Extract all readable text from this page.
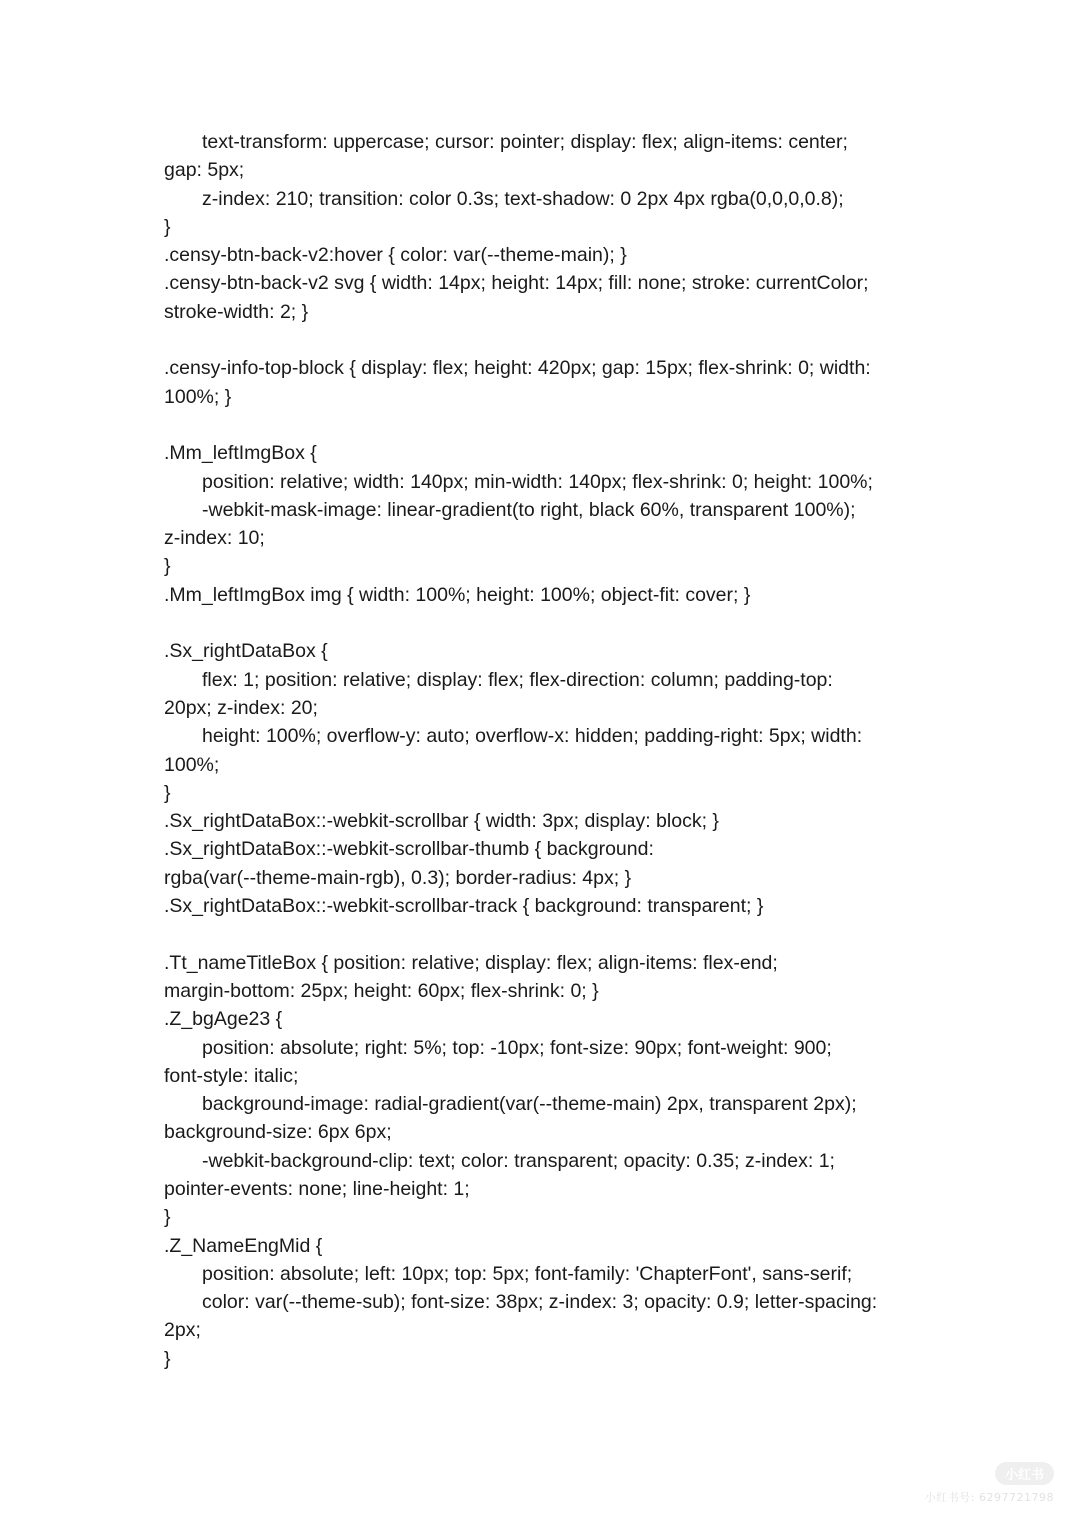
text-transform: uppercase; cursor: pointer; display: flex; align-items: center;
gap: 5px;
z-index: 210; transition: color 0.3s; text-shadow: 0 2px 4px rgba(0,0,0,0.8);
}
.censy-btn-back-v2:hover { color: var(--theme-main); }
.censy-btn-back-v2 svg { width: 14px; height: 14px; fill: none; stroke: currentColor;
stroke-width: 2; }
.censy-info-top-block { display: flex; height: 420px; gap: 15px; flex-shrink: 0; width:
100%; }
.Mm_leftImgBox {
position: relative; width: 140px; min-width: 140px; flex-shrink: 0; height: 100%;
-webkit-mask-image: linear-gradient(to right, black 60%, transparent 100%);
z-index: 10;
}
.Mm_leftImgBox img { width: 100%; height: 100%; object-fit: cover; }
.Sx_rightDataBox {
flex: 1; position: relative; display: flex; flex-direction: column; padding-top:
20px; z-index: 20;
height: 100%; overflow-y: auto; overflow-x: hidden; padding-right: 5px; width:
100%;
}
.Sx_rightDataBox::-webkit-scrollbar { width: 3px; display: block; }
.Sx_rightDataBox::-webkit-scrollbar-thumb { background:
rgba(var(--theme-main-rgb), 0.3); border-radius: 4px; }
.Sx_rightDataBox::-webkit-scrollbar-track { background: transparent; }
.Tt_nameTitleBox { position: relative; display: flex; align-items: flex-end;
margin-bottom: 25px; height: 60px; flex-shrink: 0; }
.Z_bgAge23 {
position: absolute; right: 5%; top: -10px; font-size: 90px; font-weight: 900;
font-style: italic;
background-image: radial-gradient(var(--theme-main) 2px, transparent 2px);
background-size: 6px 6px;
-webkit-background-clip: text; color: transparent; opacity: 0.35; z-index: 1;
pointer-events: none; line-height: 1;
}
.Z_NameEngMid {
position: absolute; left: 10px; top: 5px; font-family: 'ChapterFont', sans-serif;
color: var(--theme-sub); font-size: 38px; z-index: 3; opacity: 0.9; letter-spacing:
2px;
}
小红书
小红书号: 6297721798
